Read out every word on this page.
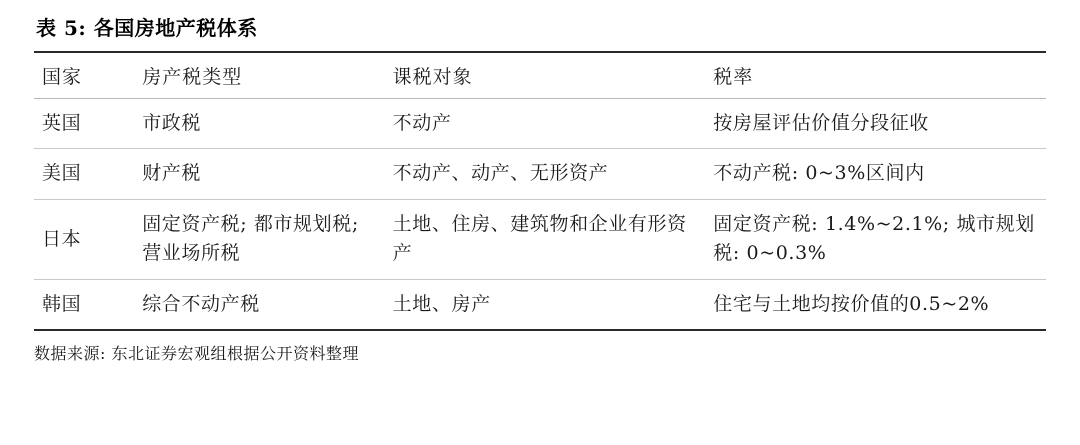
表 5: 各国房地产税体系
国家	房产税类型	课税对象	税率
英国	市政税	不动产	按房屋评估价值分段征收
美国	财产税	不动产、动产、无形资产	不动产税: 0~3%区间内
日本	固定资产税; 都市规划税; 营业场所税	土地、住房、建筑物和企业有形资产	固定资产税: 1.4%~2.1%; 城市规划税: 0~0.3%
韩国	综合不动产税	土地、房产	住宅与土地均按价值的0.5~2%
数据来源: 东北证券宏观组根据公开资料整理
